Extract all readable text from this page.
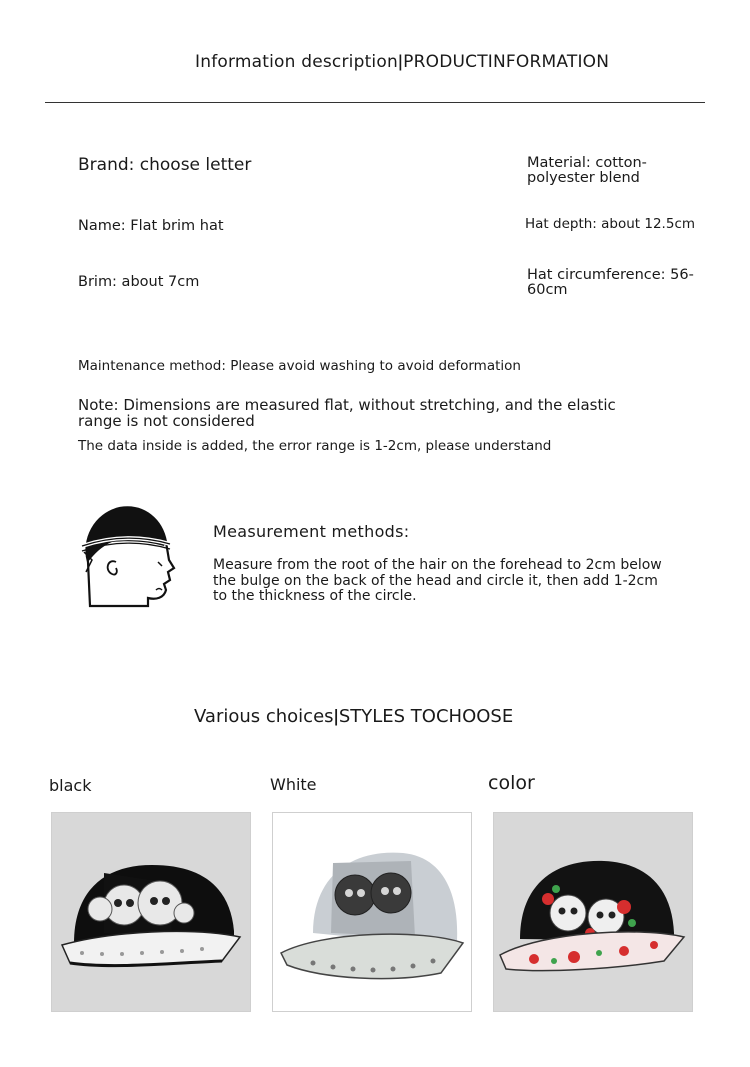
Information descriptionǀPRODUCTINFORMATION
Brand: choose letter	Material: cotton-polyester blend
Name: Flat brim hat	Hat depth: about 12.5cm
Brim: about 7cm	Hat circumference: 56-60cm
Maintenance method: Please avoid washing to avoid deformation
Note: Dimensions are measured flat, without stretching, and the elastic range is not considered
The data inside is added, the error range is 1-2cm, please understand
Measurement methods:
Measure from the root of the hair on the forehead to 2cm below the bulge on the back of the head and circle it, then add 1-2cm to the thickness of the circle.
Various choicesǀSTYLES TOCHOOSE
black	White	color
